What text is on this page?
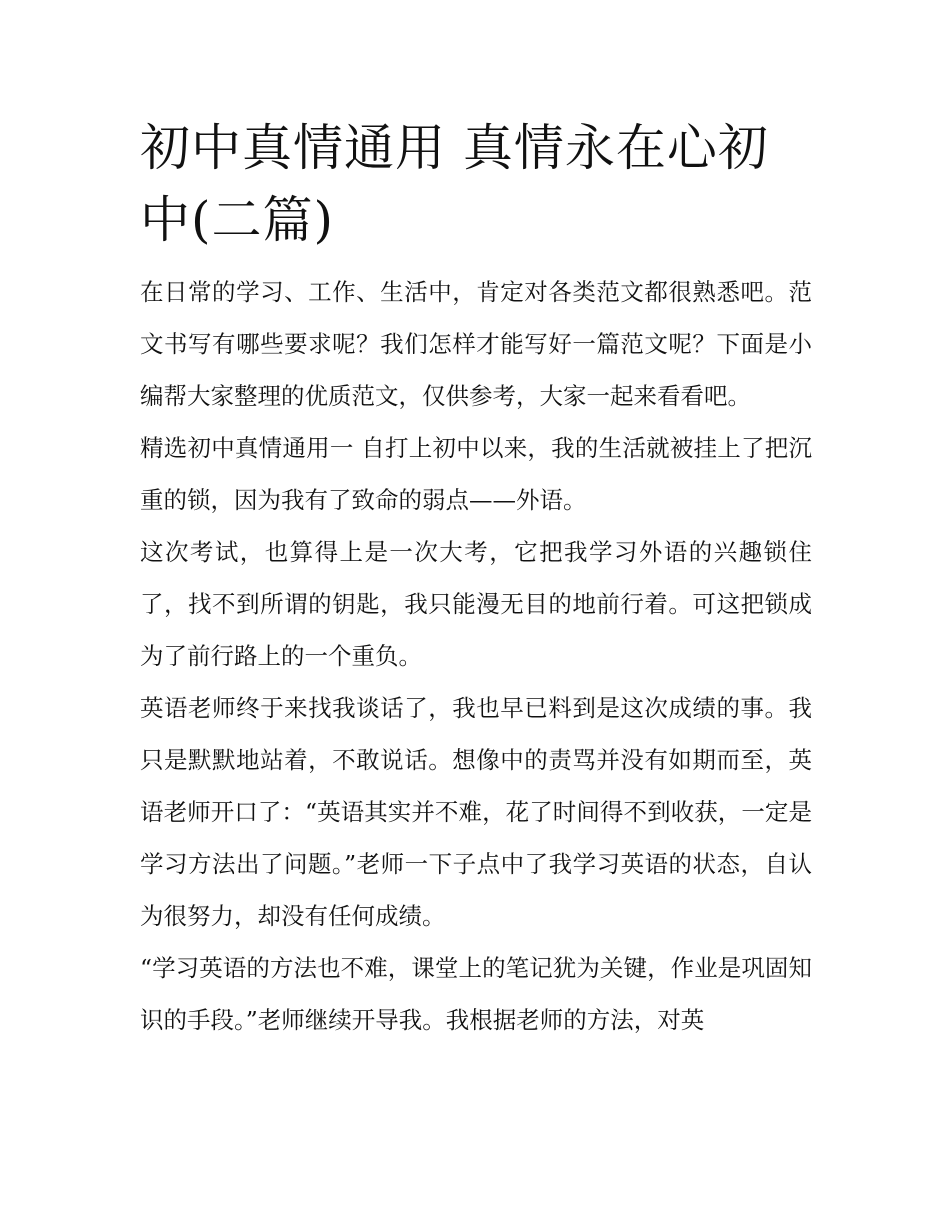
初中真情通用 真情永在心初中(二篇)

在日常的学习、工作、生活中，肯定对各类范文都很熟悉吧。范文书写有哪些要求呢？我们怎样才能写好一篇范文呢？下面是小编帮大家整理的优质范文，仅供参考，大家一起来看看吧。

精选初中真情通用一 自打上初中以来，我的生活就被挂上了把沉重的锁，因为我有了致命的弱点——外语。

这次考试，也算得上是一次大考，它把我学习外语的兴趣锁住了，找不到所谓的钥匙，我只能漫无目的地前行着。可这把锁成为了前行路上的一个重负。

英语老师终于来找我谈话了，我也早已料到是这次成绩的事。我只是默默地站着，不敢说话。想像中的责骂并没有如期而至，英语老师开口了：“英语其实并不难，花了时间得不到收获，一定是学习方法出了问题。”老师一下子点中了我学习英语的状态，自认为很努力，却没有任何成绩。

“学习英语的方法也不难，课堂上的笔记犹为关键，作业是巩固知识的手段。”老师继续开导我。我根据老师的方法，对英
